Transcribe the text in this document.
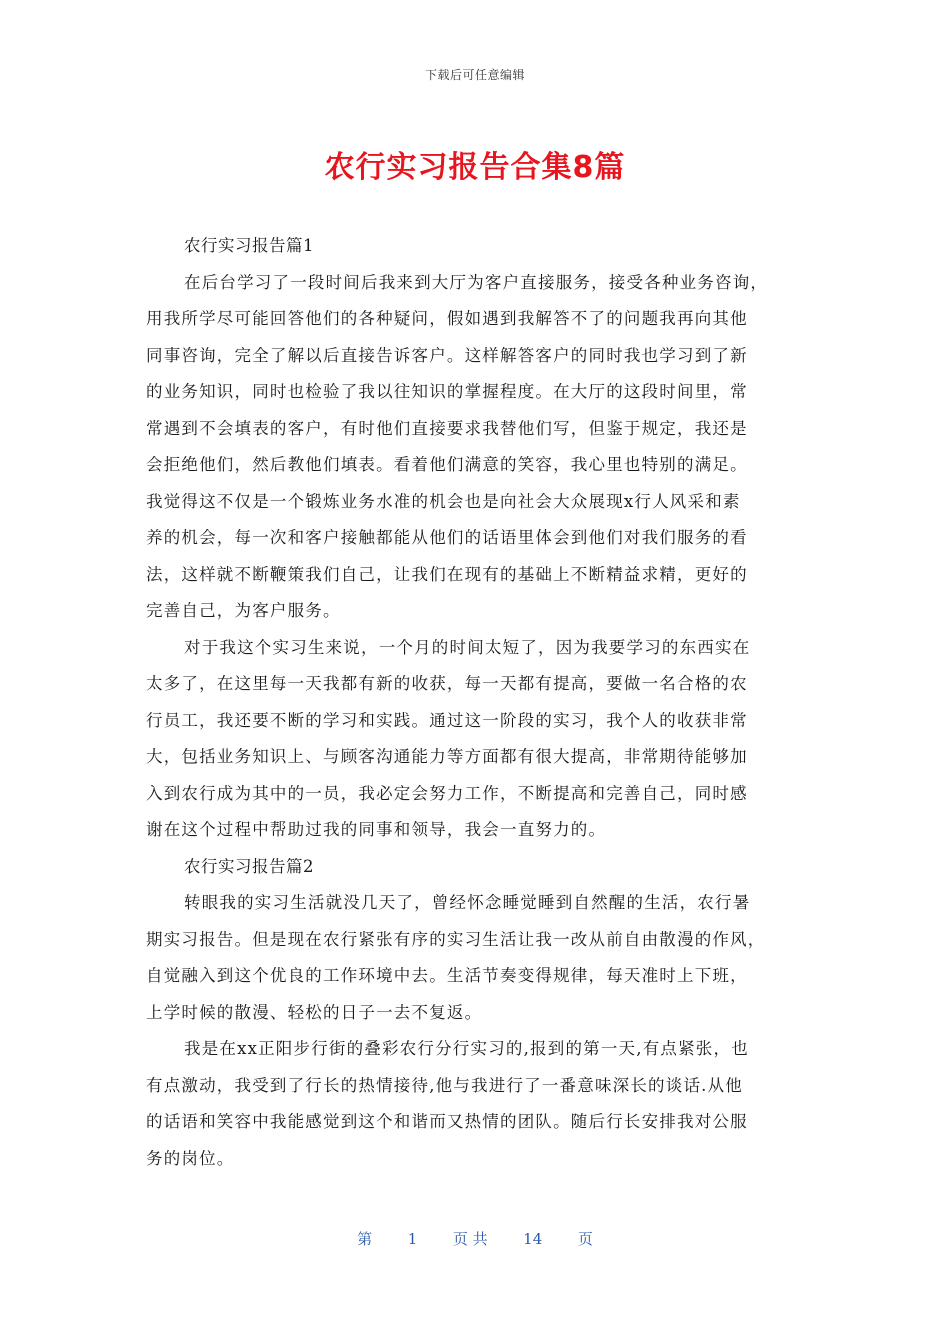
下载后可任意编辑
农行实习报告合集8篇
农行实习报告篇1

在后台学习了一段时间后我来到大厅为客户直接服务，接受各种业务咨询，
用我所学尽可能回答他们的各种疑问，假如遇到我解答不了的问题我再向其他
同事咨询，完全了解以后直接告诉客户。这样解答客户的同时我也学习到了新
的业务知识，同时也检验了我以往知识的掌握程度。在大厅的这段时间里，常
常遇到不会填表的客户，有时他们直接要求我替他们写，但鉴于规定，我还是
会拒绝他们，然后教他们填表。看着他们满意的笑容，我心里也特别的满足。
我觉得这不仅是一个锻炼业务水准的机会也是向社会大众展现x行人风采和素
养的机会，每一次和客户接触都能从他们的话语里体会到他们对我们服务的看
法，这样就不断鞭策我们自己，让我们在现有的基础上不断精益求精，更好的
完善自己，为客户服务。

对于我这个实习生来说，一个月的时间太短了，因为我要学习的东西实在
太多了，在这里每一天我都有新的收获，每一天都有提高，要做一名合格的农
行员工，我还要不断的学习和实践。通过这一阶段的实习，我个人的收获非常
大，包括业务知识上、与顾客沟通能力等方面都有很大提高，非常期待能够加
入到农行成为其中的一员，我必定会努力工作，不断提高和完善自己，同时感
谢在这个过程中帮助过我的同事和领导，我会一直努力的。

农行实习报告篇2

转眼我的实习生活就没几天了，曾经怀念睡觉睡到自然醒的生活，农行暑
期实习报告。但是现在农行紧张有序的实习生活让我一改从前自由散漫的作风，
自觉融入到这个优良的工作环境中去。生活节奏变得规律，每天准时上下班，
上学时候的散漫、轻松的日子一去不复返。

我是在xx正阳步行街的叠彩农行分行实习的,报到的第一天,有点紧张，也
有点激动，我受到了行长的热情接待,他与我进行了一番意味深长的谈话.从他
的话语和笑容中我能感觉到这个和谐而又热情的团队。随后行长安排我对公服
务的岗位。

第 1 页 共 14 页
